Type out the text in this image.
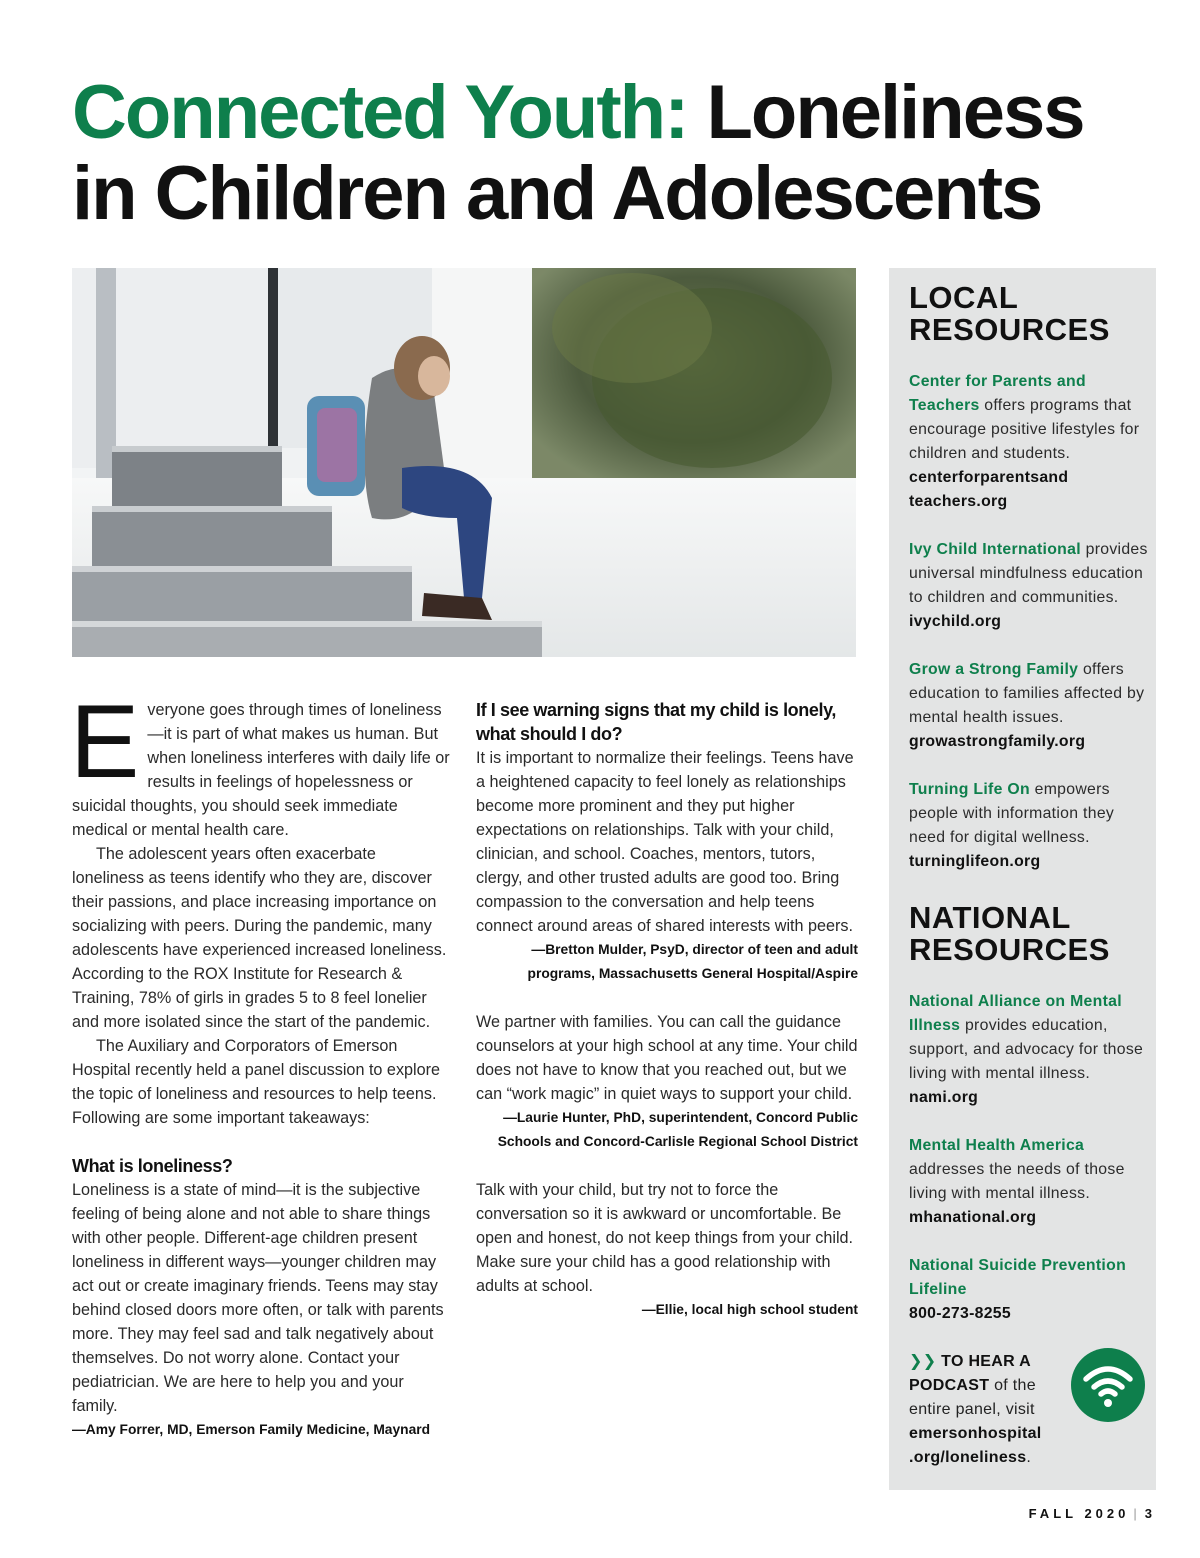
Connected Youth: Loneliness in Children and Adolescents

Everyone goes through times of loneliness—it is part of what makes us human. But when loneliness interferes with daily life or results in feelings of hopelessness or suicidal thoughts, you should seek immediate medical or mental health care.

The adolescent years often exacerbate loneliness as teens identify who they are, discover their passions, and place increasing importance on socializing with peers. During the pandemic, many adolescents have experienced increased loneliness. According to the ROX Institute for Research & Training, 78% of girls in grades 5 to 8 feel lonelier and more isolated since the start of the pandemic.

The Auxiliary and Corporators of Emerson Hospital recently held a panel discussion to explore the topic of loneliness and resources to help teens. Following are some important takeaways:

What is loneliness?

Loneliness is a state of mind—it is the subjective feeling of being alone and not able to share things with other people. Different-age children present loneliness in different ways—younger children may act out or create imaginary friends. Teens may stay behind closed doors more often, or talk with parents more. They may feel sad and talk negatively about themselves. Do not worry alone. Contact your pediatrician. We are here to help you and your family.

—Amy Forrer, MD, Emerson Family Medicine, Maynard

If I see warning signs that my child is lonely, what should I do?

It is important to normalize their feelings. Teens have a heightened capacity to feel lonely as relationships become more prominent and they put higher expectations on relationships. Talk with your child, clinician, and school. Coaches, mentors, tutors, clergy, and other trusted adults are good too. Bring compassion to the conversation and help teens connect around areas of shared interests with peers.

—Bretton Mulder, PsyD, director of teen and adult programs, Massachusetts General Hospital/Aspire

We partner with families. You can call the guidance counselors at your high school at any time. Your child does not have to know that you reached out, but we can “work magic” in quiet ways to support your child.

—Laurie Hunter, PhD, superintendent, Concord Public Schools and Concord-Carlisle Regional School District

Talk with your child, but try not to force the conversation so it is awkward or uncomfortable. Be open and honest, do not keep things from your child. Make sure your child has a good relationship with adults at school.

—Ellie, local high school student

LOCAL RESOURCES
Center for Parents and Teachers offers programs that encourage positive lifestyles for children and students.
centerforparentsand teachers.org
Ivy Child International provides universal mindfulness education to children and communities.
ivychild.org
Grow a Strong Family offers education to families affected by mental health issues.
growastrongfamily.org
Turning Life On empowers people with information they need for digital wellness.
turninglifeon.org
NATIONAL RESOURCES
National Alliance on Mental Illness provides education, support, and advocacy for those living with mental illness.
nami.org
Mental Health America addresses the needs of those living with mental illness.
mhanational.org
National Suicide Prevention Lifeline
800-273-8255
❯❯ TO HEAR A PODCAST of the entire panel, visit emersonhospital .org/loneliness.
FALL 2020 | 3
